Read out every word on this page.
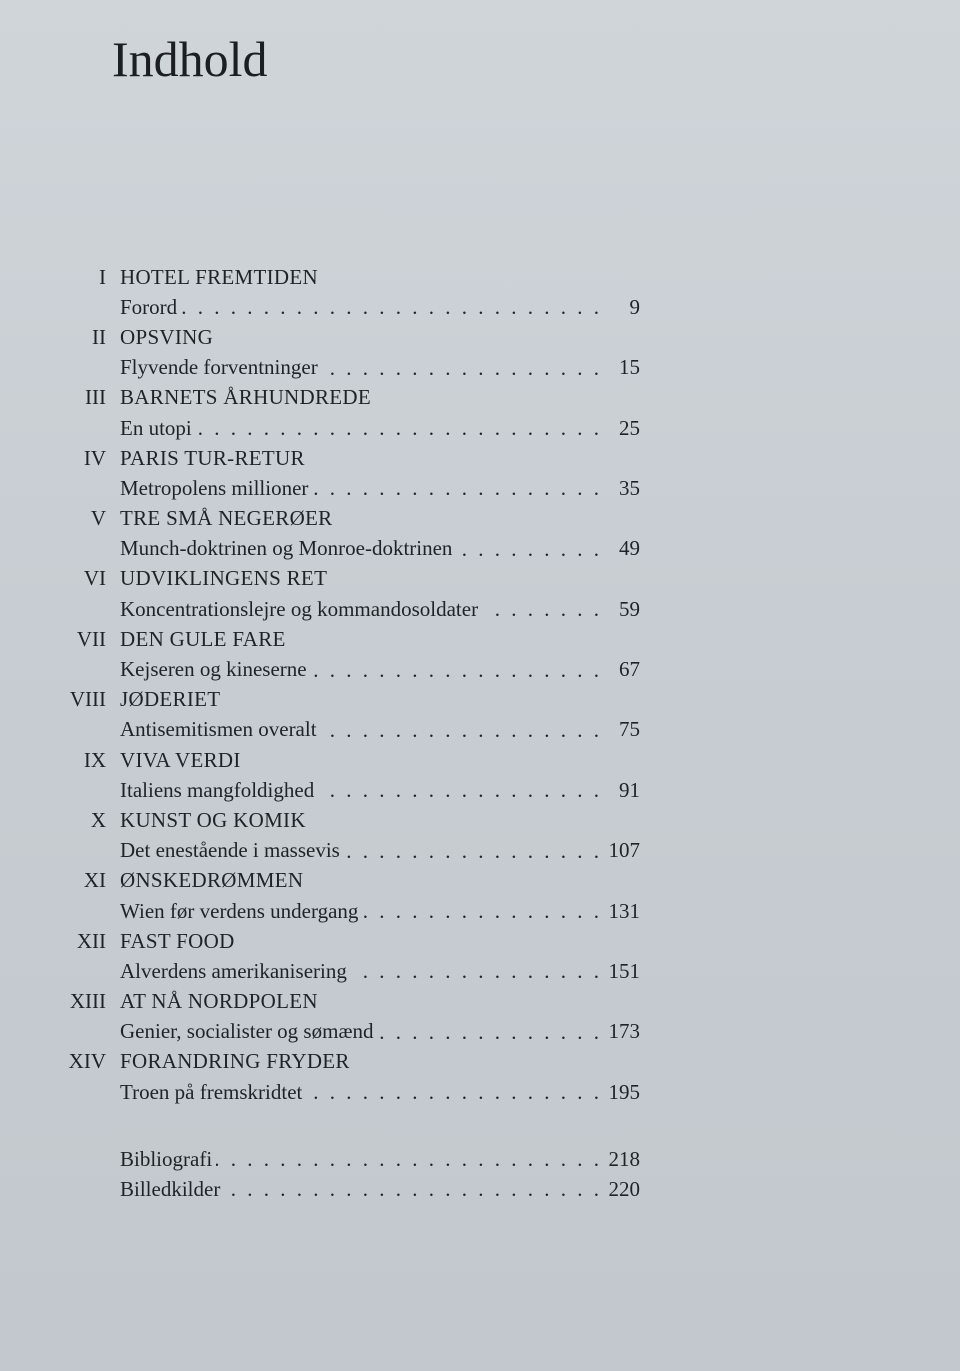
Indhold
I HOTEL FREMTIDEN
Forord . . .	9
II OPSVING
Flyvende forventninger . . .	15
III BARNETS ÅRHUNDREDE
En utopi . . .	25
IV PARIS TUR-RETUR
Metropolens millioner . . .	35
V TRE SMÅ NEGERØER
Munch-doktrinen og Monroe-doktrinen . . .	49
VI UDVIKLINGENS RET
Koncentrationslejre og kommandosoldater . . .	59
VII DEN GULE FARE
Kejseren og kineserne . . .	67
VIII JØDERIET
Antisemitismen overalt . . .	75
IX VIVA VERDI
Italiens mangfoldighed . . .	91
X KUNST OG KOMIK
Det enestående i massevis . . .	107
XI ØNSKEDRØMMEN
Wien før verdens undergang . . .	131
XII FAST FOOD
Alverdens amerikanisering . . .	151
XIII AT NÅ NORDPOLEN
Genier, socialister og sømænd . . .	173
XIV FORANDRING FRYDER
Troen på fremskridtet . . .	195
Bibliografi . . .	218
Billedkilder . . .	220
